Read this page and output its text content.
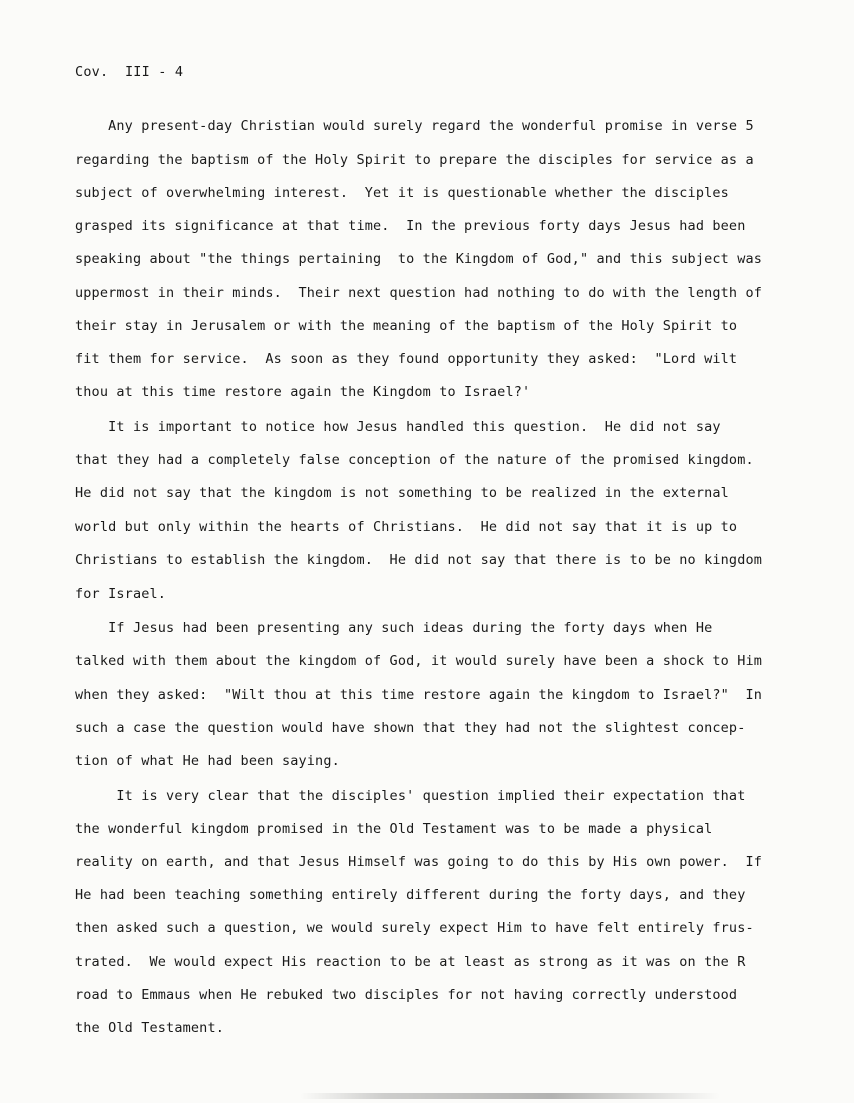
Cov.  III - 4
Any present-day Christian would surely regard the wonderful promise in verse 5
regarding the baptism of the Holy Spirit to prepare the disciples for service as a
subject of overwhelming interest.  Yet it is questionable whether the disciples
grasped its significance at that time.  In the previous forty days Jesus had been
speaking about "the things pertaining  to the Kingdom of God," and this subject was
uppermost in their minds.  Their next question had nothing to do with the length of
their stay in Jerusalem or with the meaning of the baptism of the Holy Spirit to
fit them for service.  As soon as they found opportunity they asked:  "Lord wilt
thou at this time restore again the Kingdom to Israel?'
It is important to notice how Jesus handled this question.  He did not say
that they had a completely false conception of the nature of the promised kingdom.
He did not say that the kingdom is not something to be realized in the external
world but only within the hearts of Christians.  He did not say that it is up to
Christians to establish the kingdom.  He did not say that there is to be no kingdom
for Israel.
If Jesus had been presenting any such ideas during the forty days when He
talked with them about the kingdom of God, it would surely have been a shock to Him
when they asked:  "Wilt thou at this time restore again the kingdom to Israel?"  In
such a case the question would have shown that they had not the slightest concep-
tion of what He had been saying.
It is very clear that the disciples' question implied their expectation that
the wonderful kingdom promised in the Old Testament was to be made a physical
reality on earth, and that Jesus Himself was going to do this by His own power.  If
He had been teaching something entirely different during the forty days, and they
then asked such a question, we would surely expect Him to have felt entirely frus-
trated.  We would expect His reaction to be at least as strong as it was on the R
road to Emmaus when He rebuked two disciples for not having correctly understood
the Old Testament.
